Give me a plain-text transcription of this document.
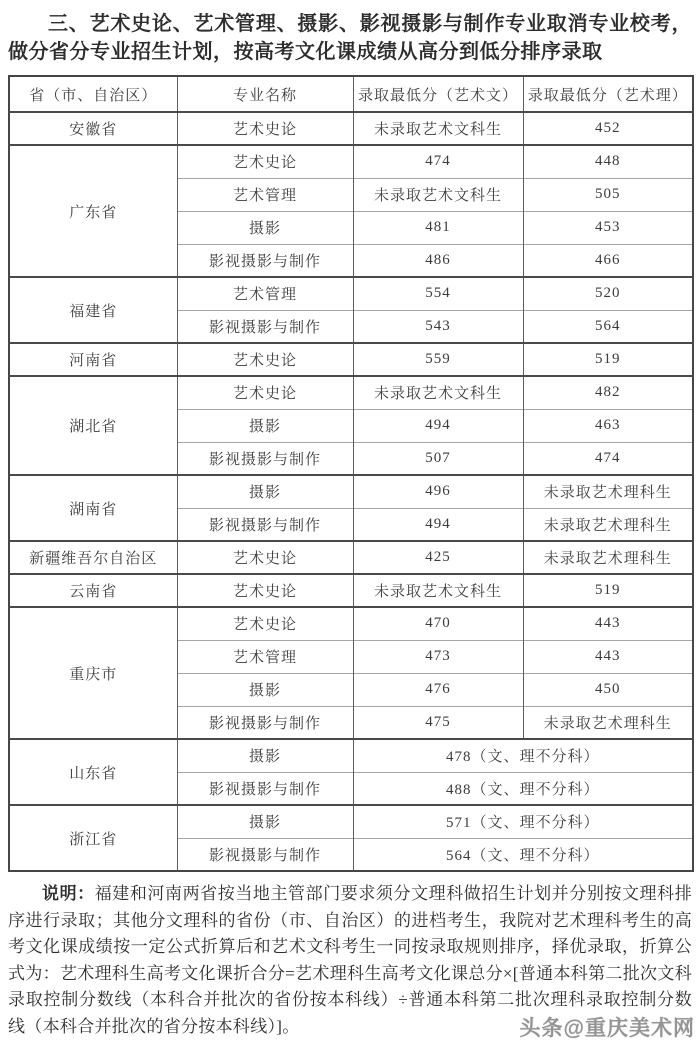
三、艺术史论、艺术管理、摄影、影视摄影与制作专业取消专业校考，做分省分专业招生计划，按高考文化课成绩从高分到低分排序录取

省（市、自治区）	专业名称	录取最低分（艺术文）	录取最低分（艺术理）
安徽省	艺术史论	未录取艺术文科生	452
广东省	艺术史论	474	448
	艺术管理	未录取艺术文科生	505
	摄影	481	453
	影视摄影与制作	486	466
福建省	艺术管理	554	520
	影视摄影与制作	543	564
河南省	艺术史论	559	519
湖北省	艺术史论	未录取艺术文科生	482
	摄影	494	463
	影视摄影与制作	507	474
湖南省	摄影	496	未录取艺术理科生
	影视摄影与制作	494	未录取艺术理科生
新疆维吾尔自治区	艺术史论	425	未录取艺术理科生
云南省	艺术史论	未录取艺术文科生	519
重庆市	艺术史论	470	443
	艺术管理	473	443
	摄影	476	450
	影视摄影与制作	475	未录取艺术理科生
山东省	摄影	478（文、理不分科）	
	影视摄影与制作	488（文、理不分科）	
浙江省	摄影	571（文、理不分科）	
	影视摄影与制作	564（文、理不分科）	

说明：福建和河南两省按当地主管部门要求须分文理科做招生计划并分别按文理科排序进行录取；其他分文理科的省份（市、自治区）的进档考生，我院对艺术理科考生的高考文化课成绩按一定公式折算后和艺术文科考生一同按录取规则排序，择优录取，折算公式为：艺术理科生高考文化课折合分=艺术理科生高考文化课总分×[普通本科第二批次文科录取控制分数线（本科合并批次的省份按本科线）÷普通本科第二批次理科录取控制分数线（本科合并批次的省分按本科线）]。	头条@重庆美术网
